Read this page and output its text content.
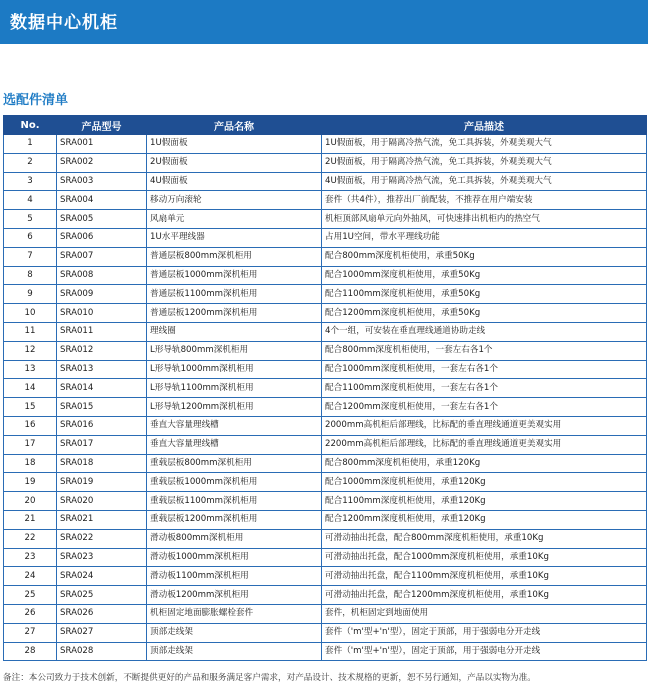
数据中心机柜
选配件清单
No.	产品型号	产品名称	产品描述
1	SRA001	1U假面板	1U假面板，用于隔离冷热气流，免工具拆装，外观美观大气
2	SRA002	2U假面板	2U假面板，用于隔离冷热气流，免工具拆装，外观美观大气
3	SRA003	4U假面板	4U假面板，用于隔离冷热气流，免工具拆装，外观美观大气
4	SRA004	移动万向滚轮	套件（共4件），推荐出厂前配装，不推荐在用户端安装
5	SRA005	风扇单元	机柜顶部风扇单元向外抽风，可快速排出机柜内的热空气
6	SRA006	1U水平理线器	占用1U空间，带水平理线功能
7	SRA007	普通层板800mm深机柜用	配合800mm深度机柜使用，承重50Kg
8	SRA008	普通层板1000mm深机柜用	配合1000mm深度机柜使用，承重50Kg
9	SRA009	普通层板1100mm深机柜用	配合1100mm深度机柜使用，承重50Kg
10	SRA010	普通层板1200mm深机柜用	配合1200mm深度机柜使用，承重50Kg
11	SRA011	理线圈	4个一组，可安装在垂直理线通道协助走线
12	SRA012	L形导轨800mm深机柜用	配合800mm深度机柜使用，一套左右各1个
13	SRA013	L形导轨1000mm深机柜用	配合1000mm深度机柜使用，一套左右各1个
14	SRA014	L形导轨1100mm深机柜用	配合1100mm深度机柜使用，一套左右各1个
15	SRA015	L形导轨1200mm深机柜用	配合1200mm深度机柜使用，一套左右各1个
16	SRA016	垂直大容量理线槽	2000mm高机柜后部理线，比标配的垂直理线通道更美观实用
17	SRA017	垂直大容量理线槽	2200mm高机柜后部理线，比标配的垂直理线通道更美观实用
18	SRA018	重载层板800mm深机柜用	配合800mm深度机柜使用，承重120Kg
19	SRA019	重载层板1000mm深机柜用	配合1000mm深度机柜使用，承重120Kg
20	SRA020	重载层板1100mm深机柜用	配合1100mm深度机柜使用，承重120Kg
21	SRA021	重载层板1200mm深机柜用	配合1200mm深度机柜使用，承重120Kg
22	SRA022	滑动板800mm深机柜用	可滑动抽出托盘，配合800mm深度机柜使用，承重10Kg
23	SRA023	滑动板1000mm深机柜用	可滑动抽出托盘，配合1000mm深度机柜使用，承重10Kg
24	SRA024	滑动板1100mm深机柜用	可滑动抽出托盘，配合1100mm深度机柜使用，承重10Kg
25	SRA025	滑动板1200mm深机柜用	可滑动抽出托盘，配合1200mm深度机柜使用，承重10Kg
26	SRA026	机柜固定地面膨胀螺栓套件	套件，机柜固定到地面使用
27	SRA027	顶部走线架	套件（'m'型+'n'型），固定于顶部，用于强弱电分开走线
28	SRA028	顶部走线架	套件（'m'型+'n'型），固定于顶部，用于强弱电分开走线
备注：本公司致力于技术创新，不断提供更好的产品和服务满足客户需求，对产品设计、技术规格的更新，恕不另行通知，产品以实物为准。
